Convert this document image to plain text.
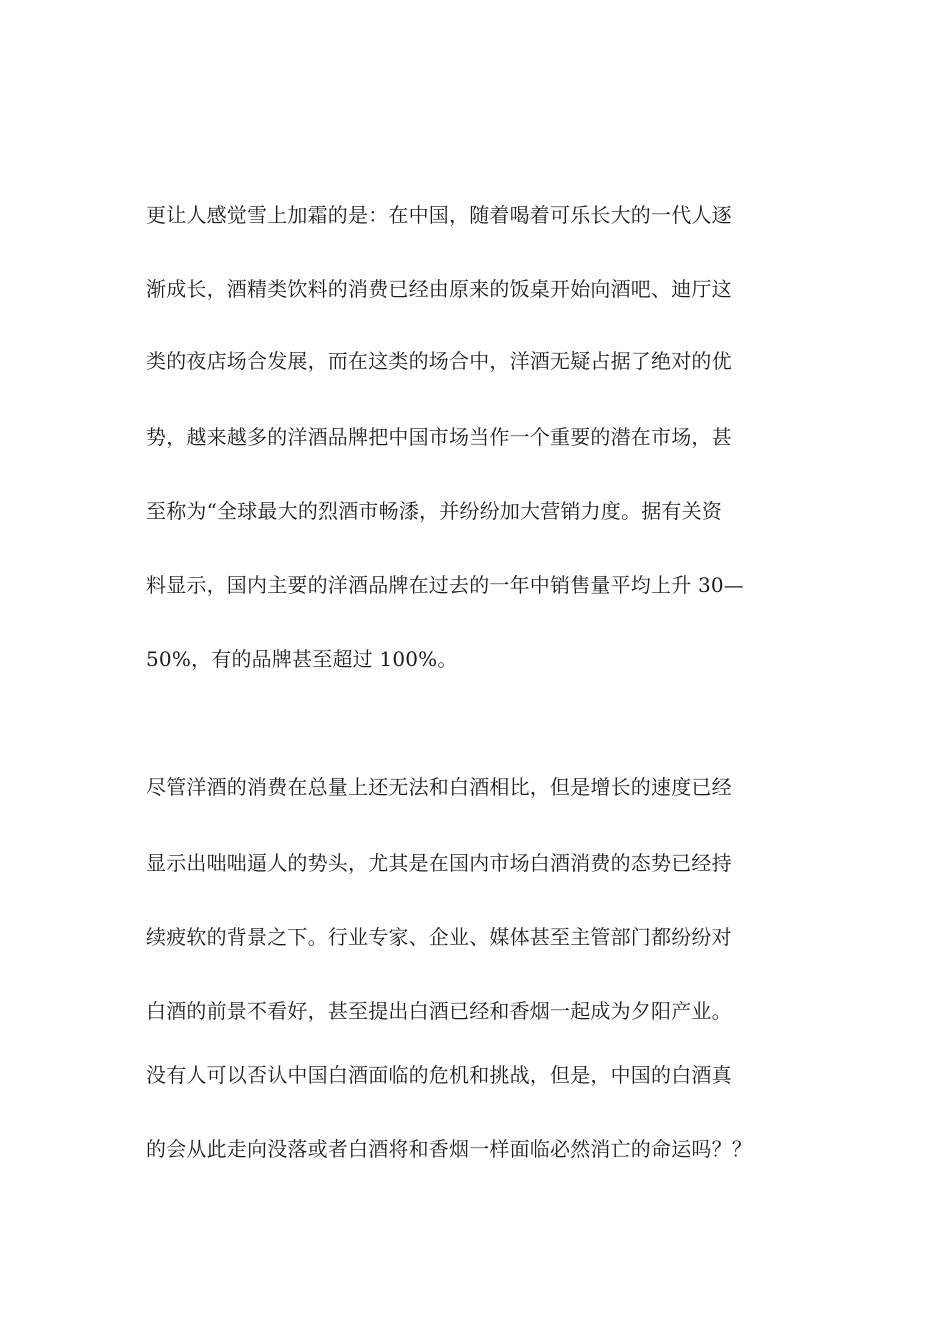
更让人感觉雪上加霜的是：在中国，随着喝着可乐长大的一代人逐
渐成长，酒精类饮料的消费已经由原来的饭桌开始向酒吧、迪厅这
类的夜店场合发展，而在这类的场合中，洋酒无疑占据了绝对的优
势，越来越多的洋酒品牌把中国市场当作一个重要的潜在市场，甚
至称为“全球最大的烈酒市畅潻，并纷纷加大营销力度。据有关资
料显示，国内主要的洋酒品牌在过去的一年中销售量平均上升 30—
50%，有的品牌甚至超过 100%。
尽管洋酒的消费在总量上还无法和白酒相比，但是增长的速度已经
显示出咄咄逼人的势头，尤其是在国内市场白酒消费的态势已经持
续疲软的背景之下。行业专家、企业、媒体甚至主管部门都纷纷对
白酒的前景不看好，甚至提出白酒已经和香烟一起成为夕阳产业。
没有人可以否认中国白酒面临的危机和挑战，但是，中国的白酒真
的会从此走向没落或者白酒将和香烟一样面临必然消亡的命运吗？？
